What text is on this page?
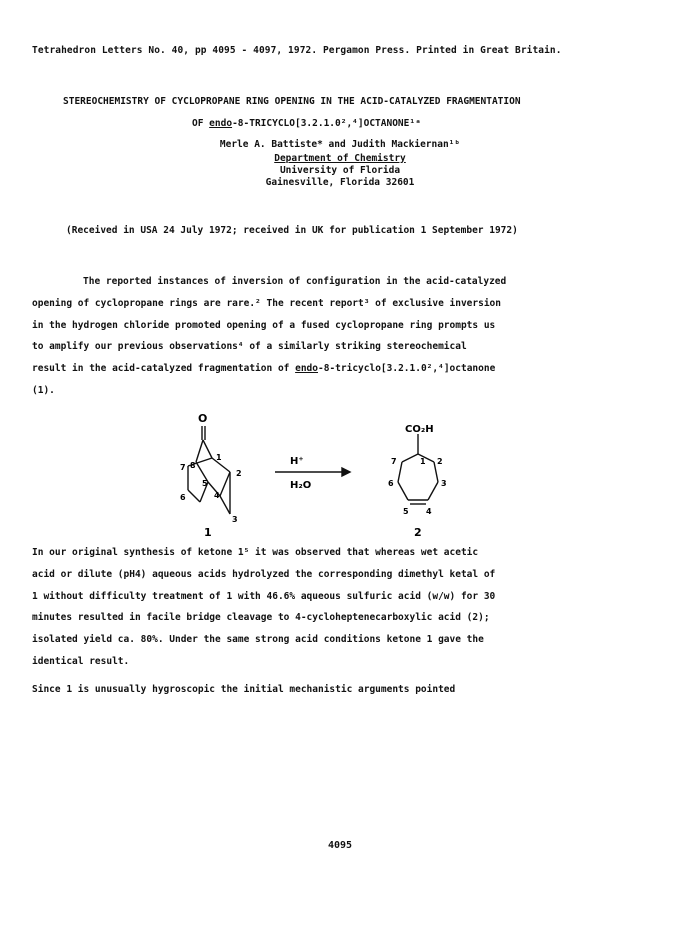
Tetrahedron Letters No. 40, pp 4095 - 4097, 1972. Pergamon Press. Printed in Great Britain.
STEREOCHEMISTRY OF CYCLOPROPANE RING OPENING IN THE ACID-CATALYZED FRAGMENTATION
OF endo-8-TRICYCLO[3.2.1.0²,⁴]OCTANONE¹ᵃ
Merle A. Battiste* and Judith Mackiernan¹ᵇ
Department of Chemistry
University of Florida
Gainesville, Florida 32601
(Received in USA 24 July 1972; received in UK for publication 1 September 1972)

The reported instances of inversion of configuration in the acid-catalyzed

opening of cyclopropane rings are rare.² The recent report³ of exclusive inversion

in the hydrogen chloride promoted opening of a fused cyclopropane ring prompts us

to amplify our previous observations⁴ of a similarly striking stereochemical

result in the acid-catalyzed fragmentation of endo-8-tricyclo[3.2.1.0²,⁴]octanone

(1).

O
8
1
7
2
5
6	4
3
H⁺
H₂O
CO₂H
1
7	2
6	3
5 4
1	2

In our original synthesis of ketone 1⁵ it was observed that whereas wet acetic

acid or dilute (pH4) aqueous acids hydrolyzed the corresponding dimethyl ketal of

1 without difficulty treatment of 1 with 46.6% aqueous sulfuric acid (w/w) for 30

minutes resulted in facile bridge cleavage to 4-cycloheptenecarboxylic acid (2);

isolated yield ca. 80%. Under the same strong acid conditions ketone 1 gave the

identical result.

Since 1 is unusually hygroscopic the initial mechanistic arguments pointed

4095
